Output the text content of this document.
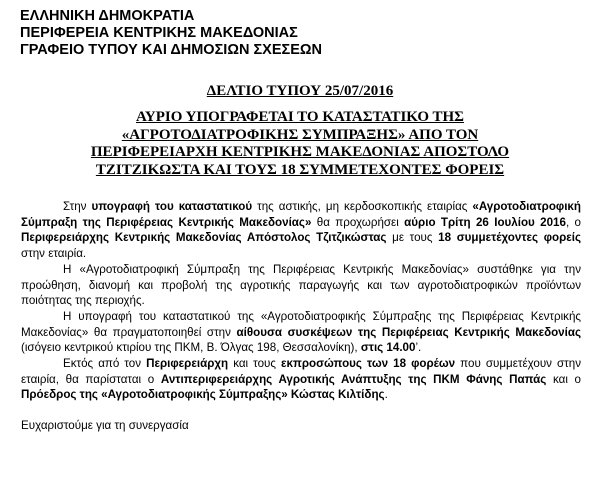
ΕΛΛΗΝΙΚΗ ΔΗΜΟΚΡΑΤΙΑ
ΠΕΡΙΦΕΡΕΙΑ ΚΕΝΤΡΙΚΗΣ ΜΑΚΕΔΟΝΙΑΣ
ΓΡΑΦΕΙΟ ΤΥΠΟΥ ΚΑΙ ΔΗΜΟΣΙΩΝ ΣΧΕΣΕΩΝ
ΔΕΛΤΙΟ ΤΥΠΟΥ 25/07/2016
ΑΥΡΙΟ ΥΠΟΓΡΑΦΕΤΑΙ ΤΟ ΚΑΤΑΣΤΑΤΙΚΟ ΤΗΣ
«ΑΓΡΟΤΟΔΙΑΤΡΟΦΙΚΗΣ ΣΥΜΠΡΑΞΗΣ» ΑΠΟ ΤΟΝ
ΠΕΡΙΦΕΡΕΙΑΡΧΗ ΚΕΝΤΡΙΚΗΣ ΜΑΚΕΔΟΝΙΑΣ ΑΠΟΣΤΟΛΟ
ΤΖΙΤΖΙΚΩΣΤΑ ΚΑΙ ΤΟΥΣ 18 ΣΥΜΜΕΤΕΧΟΝΤΕΣ ΦΟΡΕΙΣ

Στην υπογραφή του καταστατικού της αστικής, μη κερδοσκοπικής εταιρίας «Αγροτοδιατροφική Σύμπραξη της Περιφέρειας Κεντρικής Μακεδονίας» θα προχωρήσει αύριο Τρίτη 26 Ιουλίου 2016, ο Περιφερειάρχης Κεντρικής Μακεδονίας Απόστολος Τζιτζικώστας με τους 18 συμμετέχοντες φορείς στην εταιρία.

Η «Αγροτοδιατροφική Σύμπραξη της Περιφέρειας Κεντρικής Μακεδονίας» συστάθηκε για την προώθηση, διανομή και προβολή της αγροτικής παραγωγής και των αγροτοδιατροφικών προϊόντων ποιότητας της περιοχής.

Η υπογραφή του καταστατικού της «Αγροτοδιατροφικής Σύμπραξης της Περιφέρειας Κεντρικής Μακεδονίας» θα πραγματοποιηθεί στην αίθουσα συσκέψεων της Περιφέρειας Κεντρικής Μακεδονίας (ισόγειο κεντρικού κτιρίου της ΠΚΜ, Β. Όλγας 198, Θεσσαλονίκη), στις 14.00’.

Εκτός από τον Περιφερειάρχη και τους εκπροσώπους των 18 φορέων που συμμετέχουν στην εταιρία, θα παρίσταται ο Αντιπεριφερειάρχης Αγροτικής Ανάπτυξης της ΠΚΜ Φάνης Παπάς και ο Πρόεδρος της «Αγροτοδιατροφικής Σύμπραξης» Κώστας Κιλτίδης.

Ευχαριστούμε για τη συνεργασία
